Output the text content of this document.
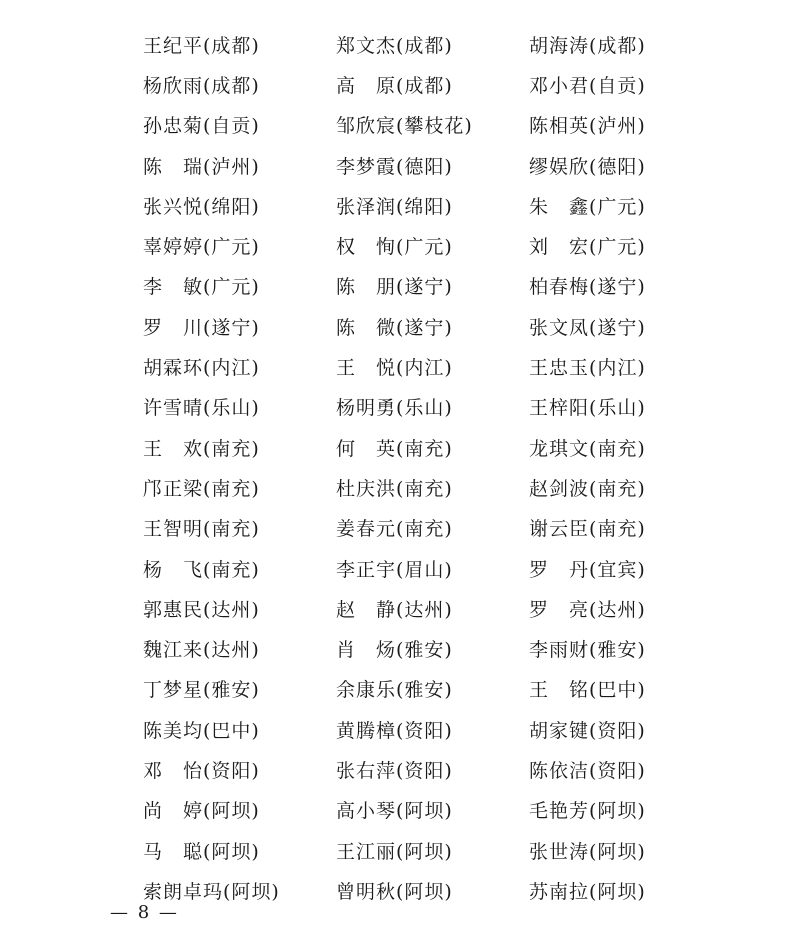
王纪平(成都)	郑文杰(成都)	胡海涛(成都)
杨欣雨(成都)	高　原(成都)	邓小君(自贡)
孙忠菊(自贡)	邹欣宸(攀枝花)	陈相英(泸州)
陈　瑞(泸州)	李梦霞(德阳)	缪娱欣(德阳)
张兴悦(绵阳)	张泽润(绵阳)	朱　鑫(广元)
辜婷婷(广元)	权　恂(广元)	刘　宏(广元)
李　敏(广元)	陈　朋(遂宁)	柏春梅(遂宁)
罗　川(遂宁)	陈　微(遂宁)	张文凤(遂宁)
胡霖环(内江)	王　悦(内江)	王忠玉(内江)
许雪晴(乐山)	杨明勇(乐山)	王梓阳(乐山)
王　欢(南充)	何　英(南充)	龙琪文(南充)
邝正梁(南充)	杜庆洪(南充)	赵剑波(南充)
王智明(南充)	姜春元(南充)	谢云臣(南充)
杨　飞(南充)	李正宇(眉山)	罗　丹(宜宾)
郭惠民(达州)	赵　静(达州)	罗　亮(达州)
魏江来(达州)	肖　炀(雅安)	李雨财(雅安)
丁梦星(雅安)	余康乐(雅安)	王　铭(巴中)
陈美均(巴中)	黄腾樟(资阳)	胡家键(资阳)
邓　怡(资阳)	张右萍(资阳)	陈依洁(资阳)
尚　婷(阿坝)	高小琴(阿坝)	毛艳芳(阿坝)
马　聪(阿坝)	王江丽(阿坝)	张世涛(阿坝)
索朗卓玛(阿坝)	曾明秋(阿坝)	苏南拉(阿坝)
— 8 —
